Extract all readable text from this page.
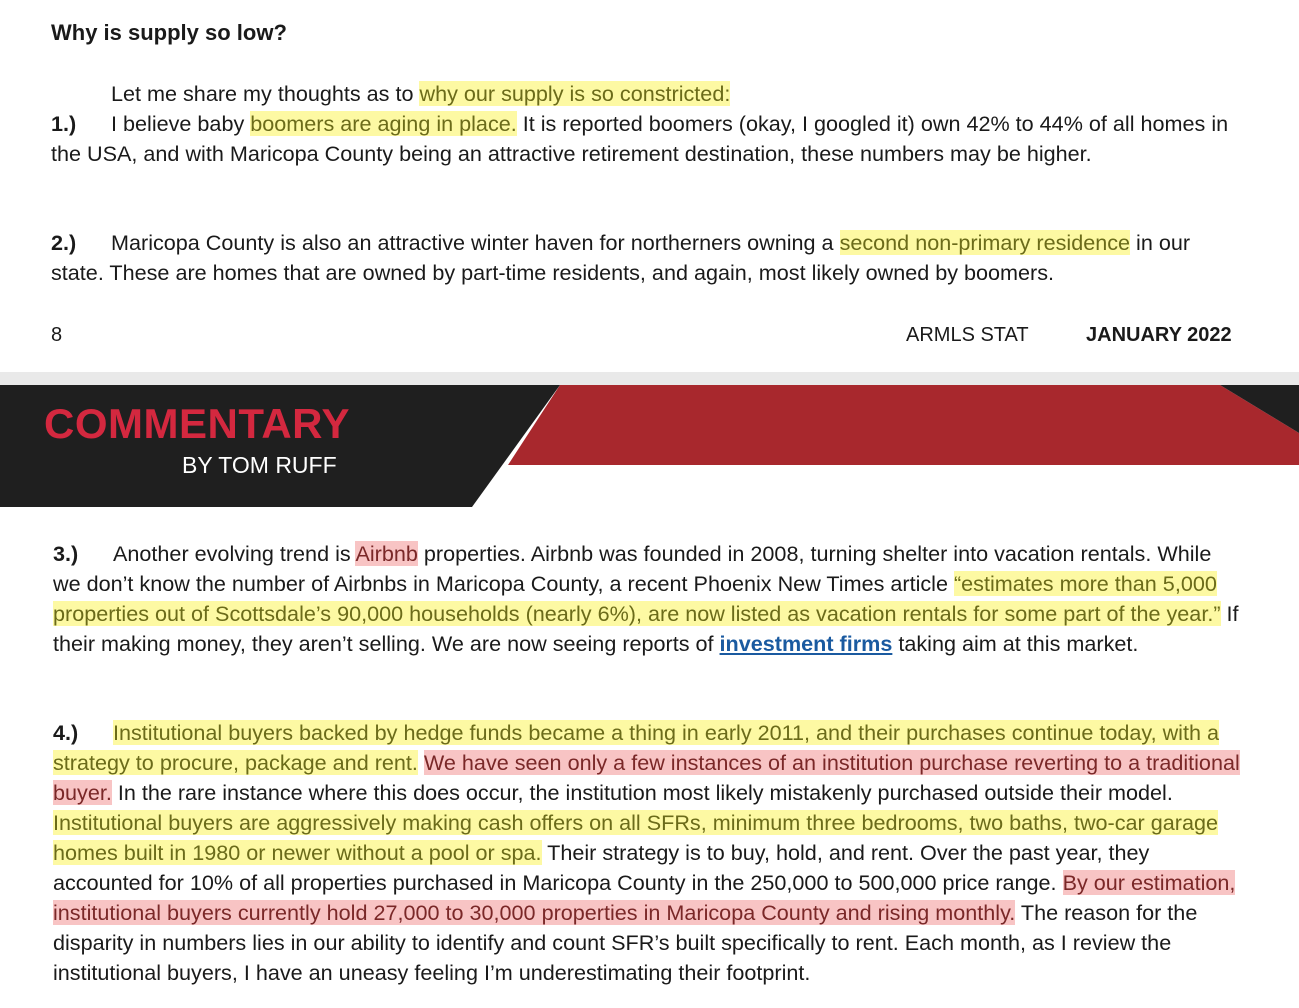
Why is supply so low?

Let me share my thoughts as to why our supply is so constricted:

1.) I believe baby boomers are aging in place. It is reported boomers (okay, I googled it) own 42% to 44% of all homes in the USA, and with Maricopa County being an attractive retirement destination, these numbers may be higher.

2.) Maricopa County is also an attractive winter haven for northerners owning a second non-primary residence in our state. These are homes that are owned by part-time residents, and again, most likely owned by boomers.

8	ARMLS STAT	JANUARY 2022
COMMENTARY
BY TOM RUFF

3.) Another evolving trend is Airbnb properties. Airbnb was founded in 2008, turning shelter into vacation rentals. While we don’t know the number of Airbnbs in Maricopa County, a recent Phoenix New Times article “estimates more than 5,000 properties out of Scottsdale’s 90,000 households (nearly 6%), are now listed as vacation rentals for some part of the year.” If their making money, they aren’t selling. We are now seeing reports of investment firms taking aim at this market.

4.) Institutional buyers backed by hedge funds became a thing in early 2011, and their purchases continue today, with a strategy to procure, package and rent. We have seen only a few instances of an institution purchase reverting to a traditional buyer. In the rare instance where this does occur, the institution most likely mistakenly purchased outside their model. Institutional buyers are aggressively making cash offers on all SFRs, minimum three bedrooms, two baths, two-car garage homes built in 1980 or newer without a pool or spa. Their strategy is to buy, hold, and rent. Over the past year, they accounted for 10% of all properties purchased in Maricopa County in the 250,000 to 500,000 price range. By our estimation, institutional buyers currently hold 27,000 to 30,000 properties in Maricopa County and rising monthly. The reason for the disparity in numbers lies in our ability to identify and count SFR’s built specifically to rent. Each month, as I review the institutional buyers, I have an uneasy feeling I’m underestimating their footprint.
